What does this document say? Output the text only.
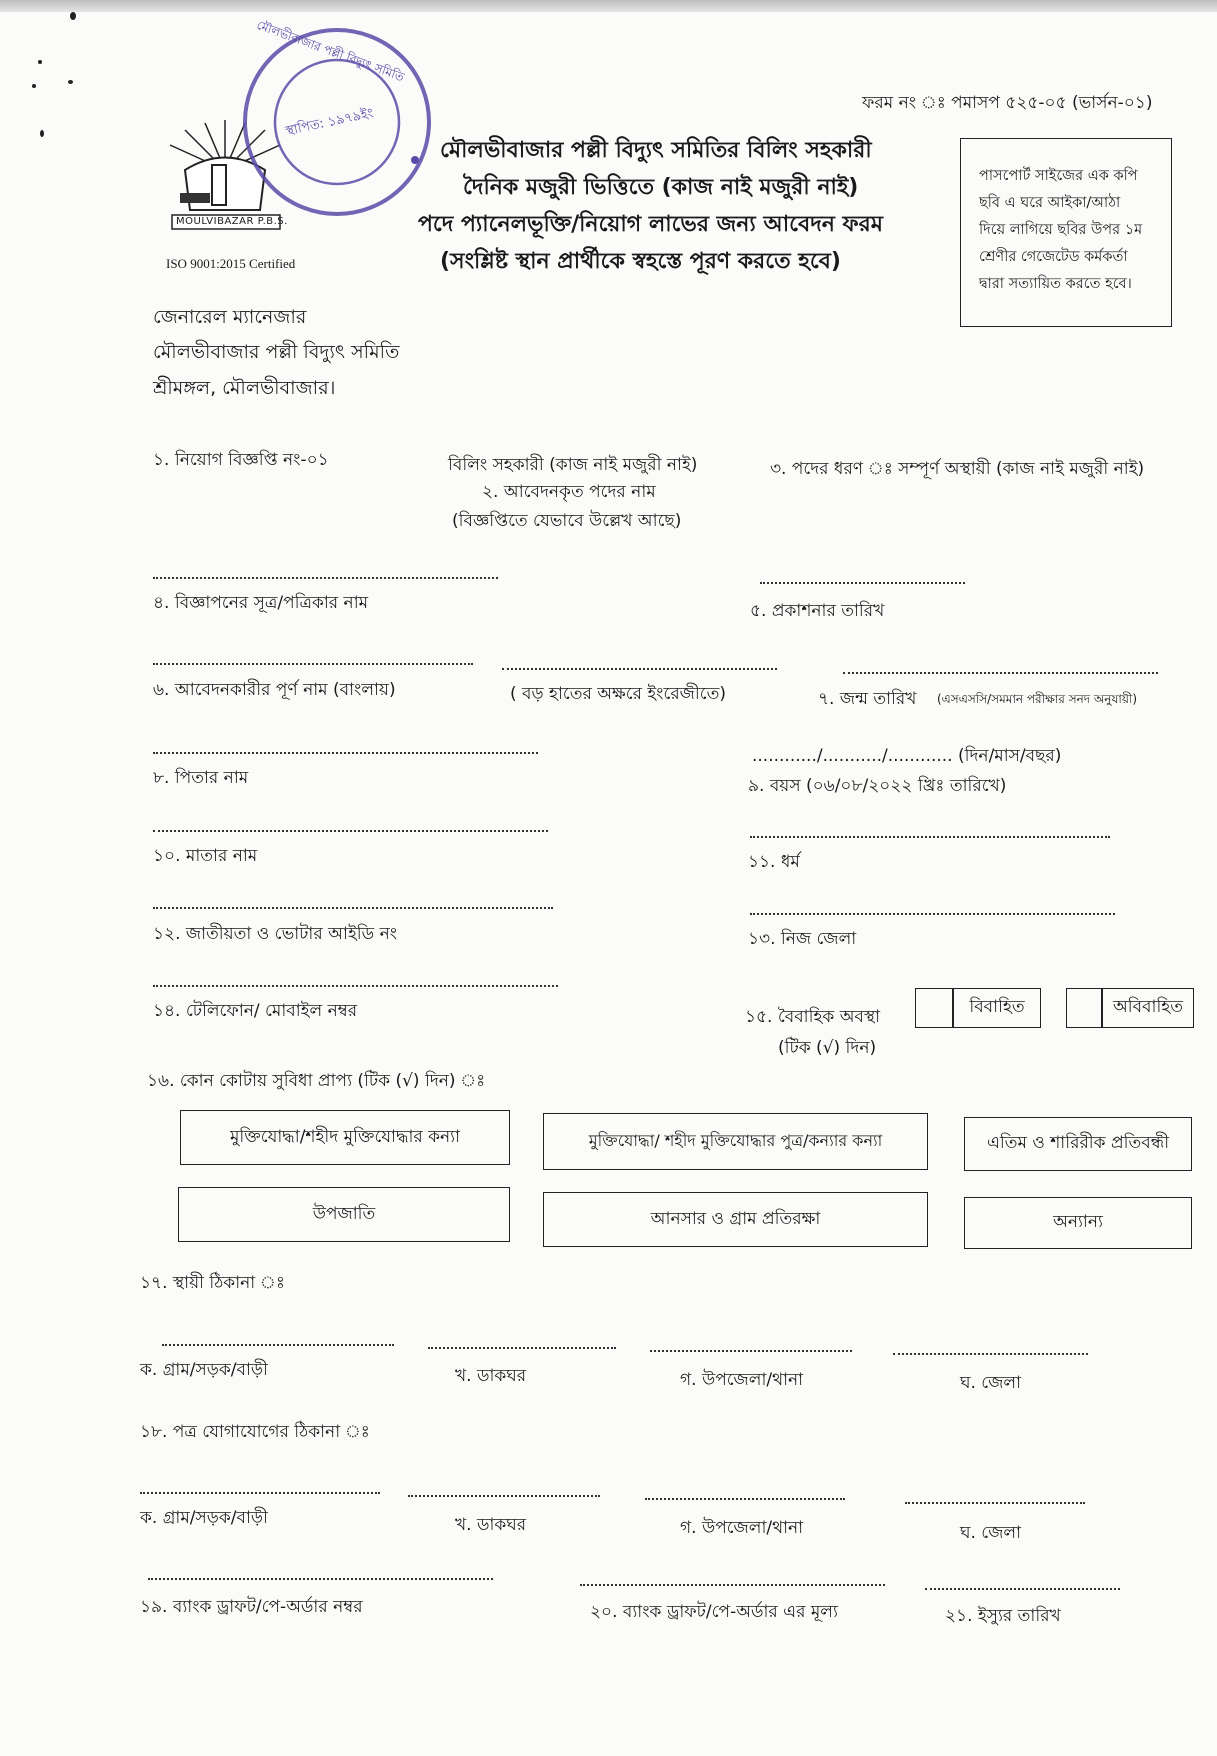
ফরম নং ঃ পমাসপ ৫২৫-০৫ (ভার্সন-০১)
MOULVIBAZAR P.B.S.
ISO 9001:2015 Certified
মৌলভীবাজার পল্লী বিদ্যুৎ সমিতি
স্থাপিত: ১৯৭৯ইং
মৌলভীবাজার পল্লী বিদ্যুৎ সমিতির বিলিং সহকারী
দৈনিক মজুরী ভিত্তিতে (কাজ নাই মজুরী নাই)
পদে প্যানেলভূক্তি/নিয়োগ লাভের জন্য আবেদন ফরম
(সংশ্লিষ্ট স্থান প্রার্থীকে স্বহস্তে পূরণ করতে হবে)
পাসপোর্ট সাইজের এক কপি
ছবি এ ঘরে আইকা/আঠা
দিয়ে লাগিয়ে ছবির উপর ১ম
শ্রেণীর গেজেটেড কর্মকর্তা
দ্বারা সত্যায়িত করতে হবে।
জেনারেল ম্যানেজার
মৌলভীবাজার পল্লী বিদ্যুৎ সমিতি
শ্রীমঙ্গল, মৌলভীবাজার।
১. নিয়োগ বিজ্ঞপ্তি নং-০১	বিলিং সহকারী (কাজ নাই মজুরী নাই)
২. আবেদনকৃত পদের নাম
(বিজ্ঞপ্তিতে যেভাবে উল্লেখ আছে)
৩. পদের ধরণ ঃ সম্পূর্ণ অস্থায়ী (কাজ নাই মজুরী নাই)
৪. বিজ্ঞাপনের সূত্র/পত্রিকার নাম	৫. প্রকাশনার তারিখ
৬. আবেদনকারীর পূর্ণ নাম (বাংলায়)	( বড় হাতের অক্ষরে ইংরেজীতে)	৭. জন্ম তারিখ (এসএসসি/সমমান পরীক্ষার সনদ অনুযায়ী)
............/.........../............ (দিন/মাস/বছর)
৮. পিতার নাম	৯. বয়স (০৬/০৮/২০২২ খ্রিঃ তারিখে)
১০. মাতার নাম	১১. ধর্ম
১২. জাতীয়তা ও ভোটার আইডি নং	১৩. নিজ জেলা
১৪. টেলিফোন/ মোবাইল নম্বর	১৫. বৈবাহিক অবস্থা
(টিক (√) দিন)
বিবাহিত	অবিবাহিত
১৬. কোন কোটায় সুবিধা প্রাপ্য (টিক (√) দিন) ঃ
মুক্তিযোদ্ধা/শহীদ মুক্তিযোদ্ধার কন্যা	মুক্তিযোদ্ধা/ শহীদ মুক্তিযোদ্ধার পুত্র/কন্যার কন্যা	এতিম ও শারিরীক প্রতিবন্ধী
উপজাতি	আনসার ও গ্রাম প্রতিরক্ষা	অন্যান্য
১৭. স্থায়ী ঠিকানা ঃ
ক. গ্রাম/সড়ক/বাড়ী	খ. ডাকঘর	গ. উপজেলা/থানা	ঘ. জেলা
১৮. পত্র যোগাযোগের ঠিকানা ঃ
ক. গ্রাম/সড়ক/বাড়ী	খ. ডাকঘর	গ. উপজেলা/থানা	ঘ. জেলা
১৯. ব্যাংক ড্রাফট/পে-অর্ডার নম্বর	২০. ব্যাংক ড্রাফট/পে-অর্ডার এর মূল্য	২১. ইস্যুর তারিখ
